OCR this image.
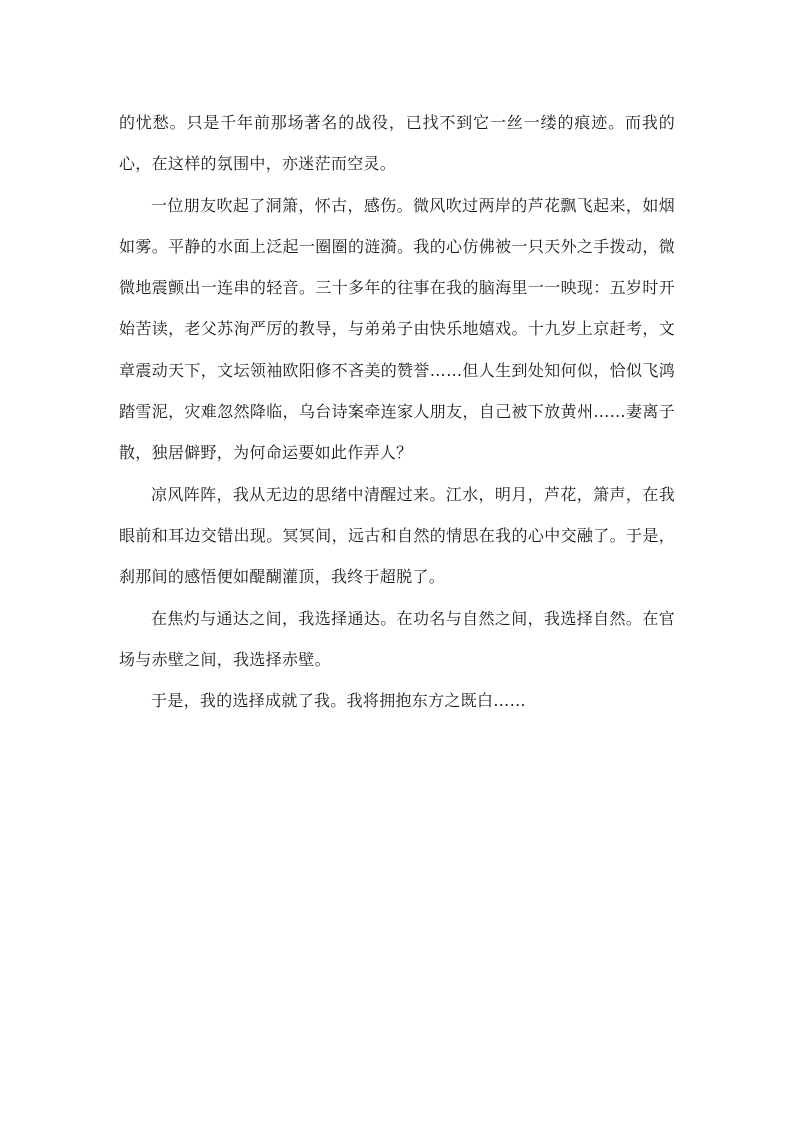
的忧愁。只是千年前那场著名的战役，已找不到它一丝一缕的痕迹。而我的心，在这样的氛围中，亦迷茫而空灵。

一位朋友吹起了洞箫，怀古，感伤。微风吹过两岸的芦花飘飞起来，如烟如雾。平静的水面上泛起一圈圈的涟漪。我的心仿佛被一只天外之手拨动，微微地震颤出一连串的轻音。三十多年的往事在我的脑海里一一映现：五岁时开始苦读，老父苏洵严厉的教导，与弟弟子由快乐地嬉戏。十九岁上京赶考，文章震动天下，文坛领袖欧阳修不吝美的赞誉……但人生到处知何似，恰似飞鸿踏雪泥，灾难忽然降临，乌台诗案牵连家人朋友，自己被下放黄州……妻离子散，独居僻野，为何命运要如此作弄人？

凉风阵阵，我从无边的思绪中清醒过来。江水，明月，芦花，箫声，在我眼前和耳边交错出现。冥冥间，远古和自然的情思在我的心中交融了。于是，刹那间的感悟便如醍醐灌顶，我终于超脱了。

在焦灼与通达之间，我选择通达。在功名与自然之间，我选择自然。在官场与赤壁之间，我选择赤壁。

于是，我的选择成就了我。我将拥抱东方之既白……
